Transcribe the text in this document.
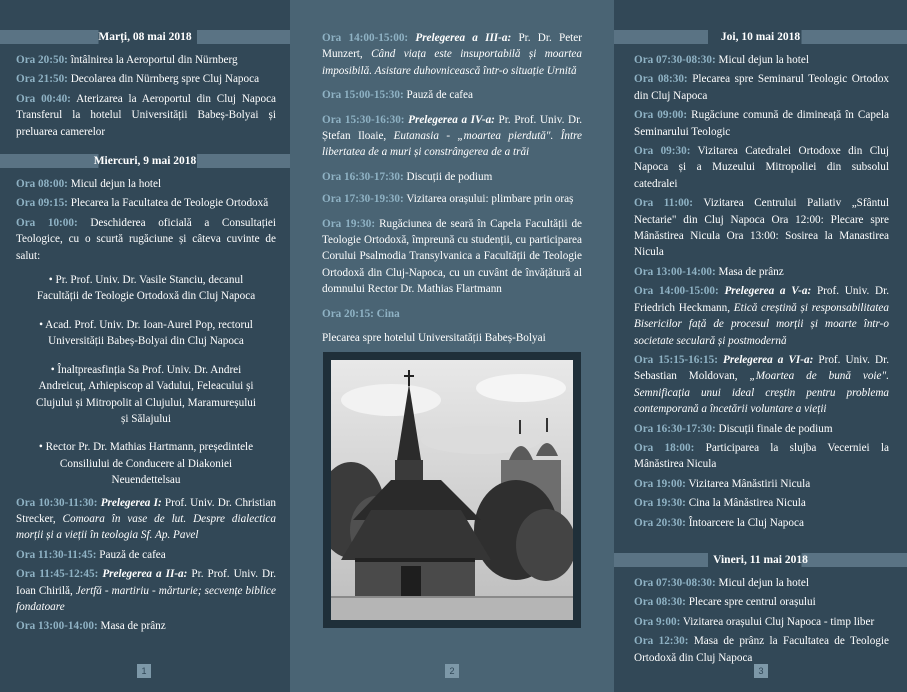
Marți, 08 mai 2018
Ora 20:50: întâlnirea la Aeroportul din Nürnberg
Ora 21:50: Decolarea din Nürnberg spre Cluj Napoca
Ora 00:40: Aterizarea la Aeroportul din Cluj Napoca Transferul la hotelul Universității Babeș-Bolyai și preluarea camerelor
Miercuri, 9 mai 2018
Ora 08:00: Micul dejun la hotel
Ora 09:15: Plecarea la Facultatea de Teologie Ortodoxă
Ora 10:00: Deschiderea oficială a Consultației Teologice, cu o scurtă rugăciune și câteva cuvinte de salut:
• Pr. Prof. Univ. Dr. Vasile Stanciu, decanul Facultății de Teologie Ortodoxă din Cluj Napoca
• Acad. Prof. Univ. Dr. Ioan-Aurel Pop, rectorul Universității Babeș-Bolyai din Cluj Napoca
• Înaltpreasfinția Sa Prof. Univ. Dr. Andrei Andreicuț, Arhiepiscop al Vadului, Feleacului și Clujului și Mitropolit al Clujului, Maramureșului și Sălajului
• Rector Pr. Dr. Mathias Hartmann, președintele Consiliului de Conducere al Diakoniei Neuendettelsau
Ora 10:30-11:30: Prelegerea I: Prof. Univ. Dr. Christian Strecker, Comoara în vase de lut. Despre dialectica morții și a vieții în teologia Sf. Ap. Pavel
Ora 11:30-11:45: Pauză de cafea
Ora 11:45-12:45: Prelegerea a II-a: Pr. Prof. Univ. Dr. Ioan Chirilă, Jertfă - martiriu - mărturie; secvențe biblice fondatoare
Ora 13:00-14:00: Masa de prânz
1
Ora 14:00-15:00: Prelegerea a III-a: Pr. Dr. Peter Munzert, Când viața este insuportabilă și moartea imposibilă. Asistare duhovnicească într-o situație Urnită
Ora 15:00-15:30: Pauză de cafea
Ora 15:30-16:30: Prelegerea a IV-a: Pr. Prof. Univ. Dr. Ștefan Iloaie, Eutanasia - „moartea pierdută". Între libertatea de a muri și constrângerea de a trăi
Ora 16:30-17:30: Discuții de podium
Ora 17:30-19:30: Vizitarea orașului: plimbare prin oraș
Ora 19:30: Rugăciunea de seară în Capela Facultății de Teologie Ortodoxă, împreună cu studenții, cu participarea Corului Psalmodia Transylvanica a Facultății de Teologie Ortodoxă din Cluj-Napoca, cu un cuvânt de învățătură al domnului Rector Dr. Mathias Flartmann
Ora 20:15: Cina
Plecarea spre hotelul Universitatății Babeș-Bolyai
2
Joi, 10 mai 2018
Ora 07:30-08:30: Micul dejun la hotel
Ora 08:30: Plecarea spre Seminarul Teologic Ortodox din Cluj Napoca
Ora 09:00: Rugăciune comună de dimineață în Capela Seminarului Teologic
Ora 09:30: Vizitarea Catedralei Ortodoxe din Cluj Napoca și a Muzeului Mitropoliei din subsolul catedralei
Ora 11:00: Vizitarea Centrului Paliativ „Sfântul Nectarie" din Cluj Napoca Ora 12:00: Plecare spre Mânăstirea Nicula Ora 13:00: Sosirea la Manastirea Nicula
Ora 13:00-14:00: Masa de prânz
Ora 14:00-15:00: Prelegerea a V-a: Prof. Univ. Dr. Friedrich Heckmann, Etică creștină și responsabilitatea Bisericilor față de procesul morții și moarte într-o societate seculară și postmodernă
Ora 15:15-16:15: Prelegerea a VI-a: Prof. Univ. Dr. Sebastian Moldovan, „Moartea de bună voie". Semnificația unui ideal creștin pentru problema contemporană a încetării voluntare a vieții
Ora 16:30-17:30: Discuții finale de podium
Ora 18:00: Participarea la slujba Vecerniei la Mânăstirea Nicula
Ora 19:00: Vizitarea Mânăstirii Nicula
Ora 19:30: Cina la Mânăstirea Nicula
Ora 20:30: Întoarcere la Cluj Napoca
Vineri, 11 mai 2018
Ora 07:30-08:30: Micul dejun la hotel
Ora 08:30: Plecare spre centrul orașului
Ora 9:00: Vizitarea orașului Cluj Napoca - timp liber
Ora 12:30: Masa de prânz la Facultatea de Teologie Ortodoxă din Cluj Napoca
3
